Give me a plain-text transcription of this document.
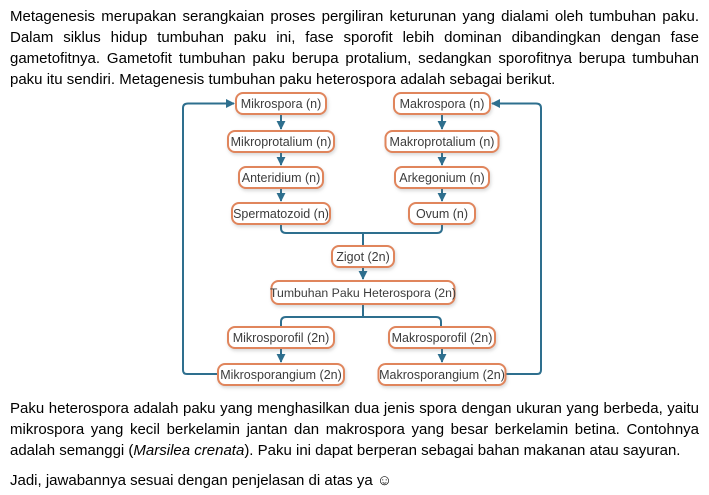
Metagenesis merupakan serangkaian proses pergiliran keturunan yang dialami oleh tumbuhan paku.
Dalam siklus hidup tumbuhan paku ini, fase sporofit lebih dominan dibandingkan dengan fase
gametofitnya. Gametofit tumbuhan paku berupa protalium, sedangkan sporofitnya berupa tumbuhan
paku itu sendiri. Metagenesis tumbuhan paku heterospora adalah sebagai berikut.

Mikrospora (n)	Makrospora (n)
Mikroprotalium (n)	Makroprotalium (n)
Anteridium (n)	Arkegonium (n)
Spermatozoid (n)	Ovum (n)
Zigot (2n)
Tumbuhan Paku Heterospora (2n)
Mikrosporofil (2n)	Makrosporofil (2n)
Mikrosporangium (2n)	Makrosporangium (2n)

Paku heterospora adalah paku yang menghasilkan dua jenis spora dengan ukuran yang berbeda, yaitu
mikrospora yang kecil berkelamin jantan dan makrospora yang besar berkelamin betina. Contohnya
adalah semanggi (Marsilea crenata). Paku ini dapat berperan sebagai bahan makanan atau sayuran.

Jadi, jawabannya sesuai dengan penjelasan di atas ya ☺
